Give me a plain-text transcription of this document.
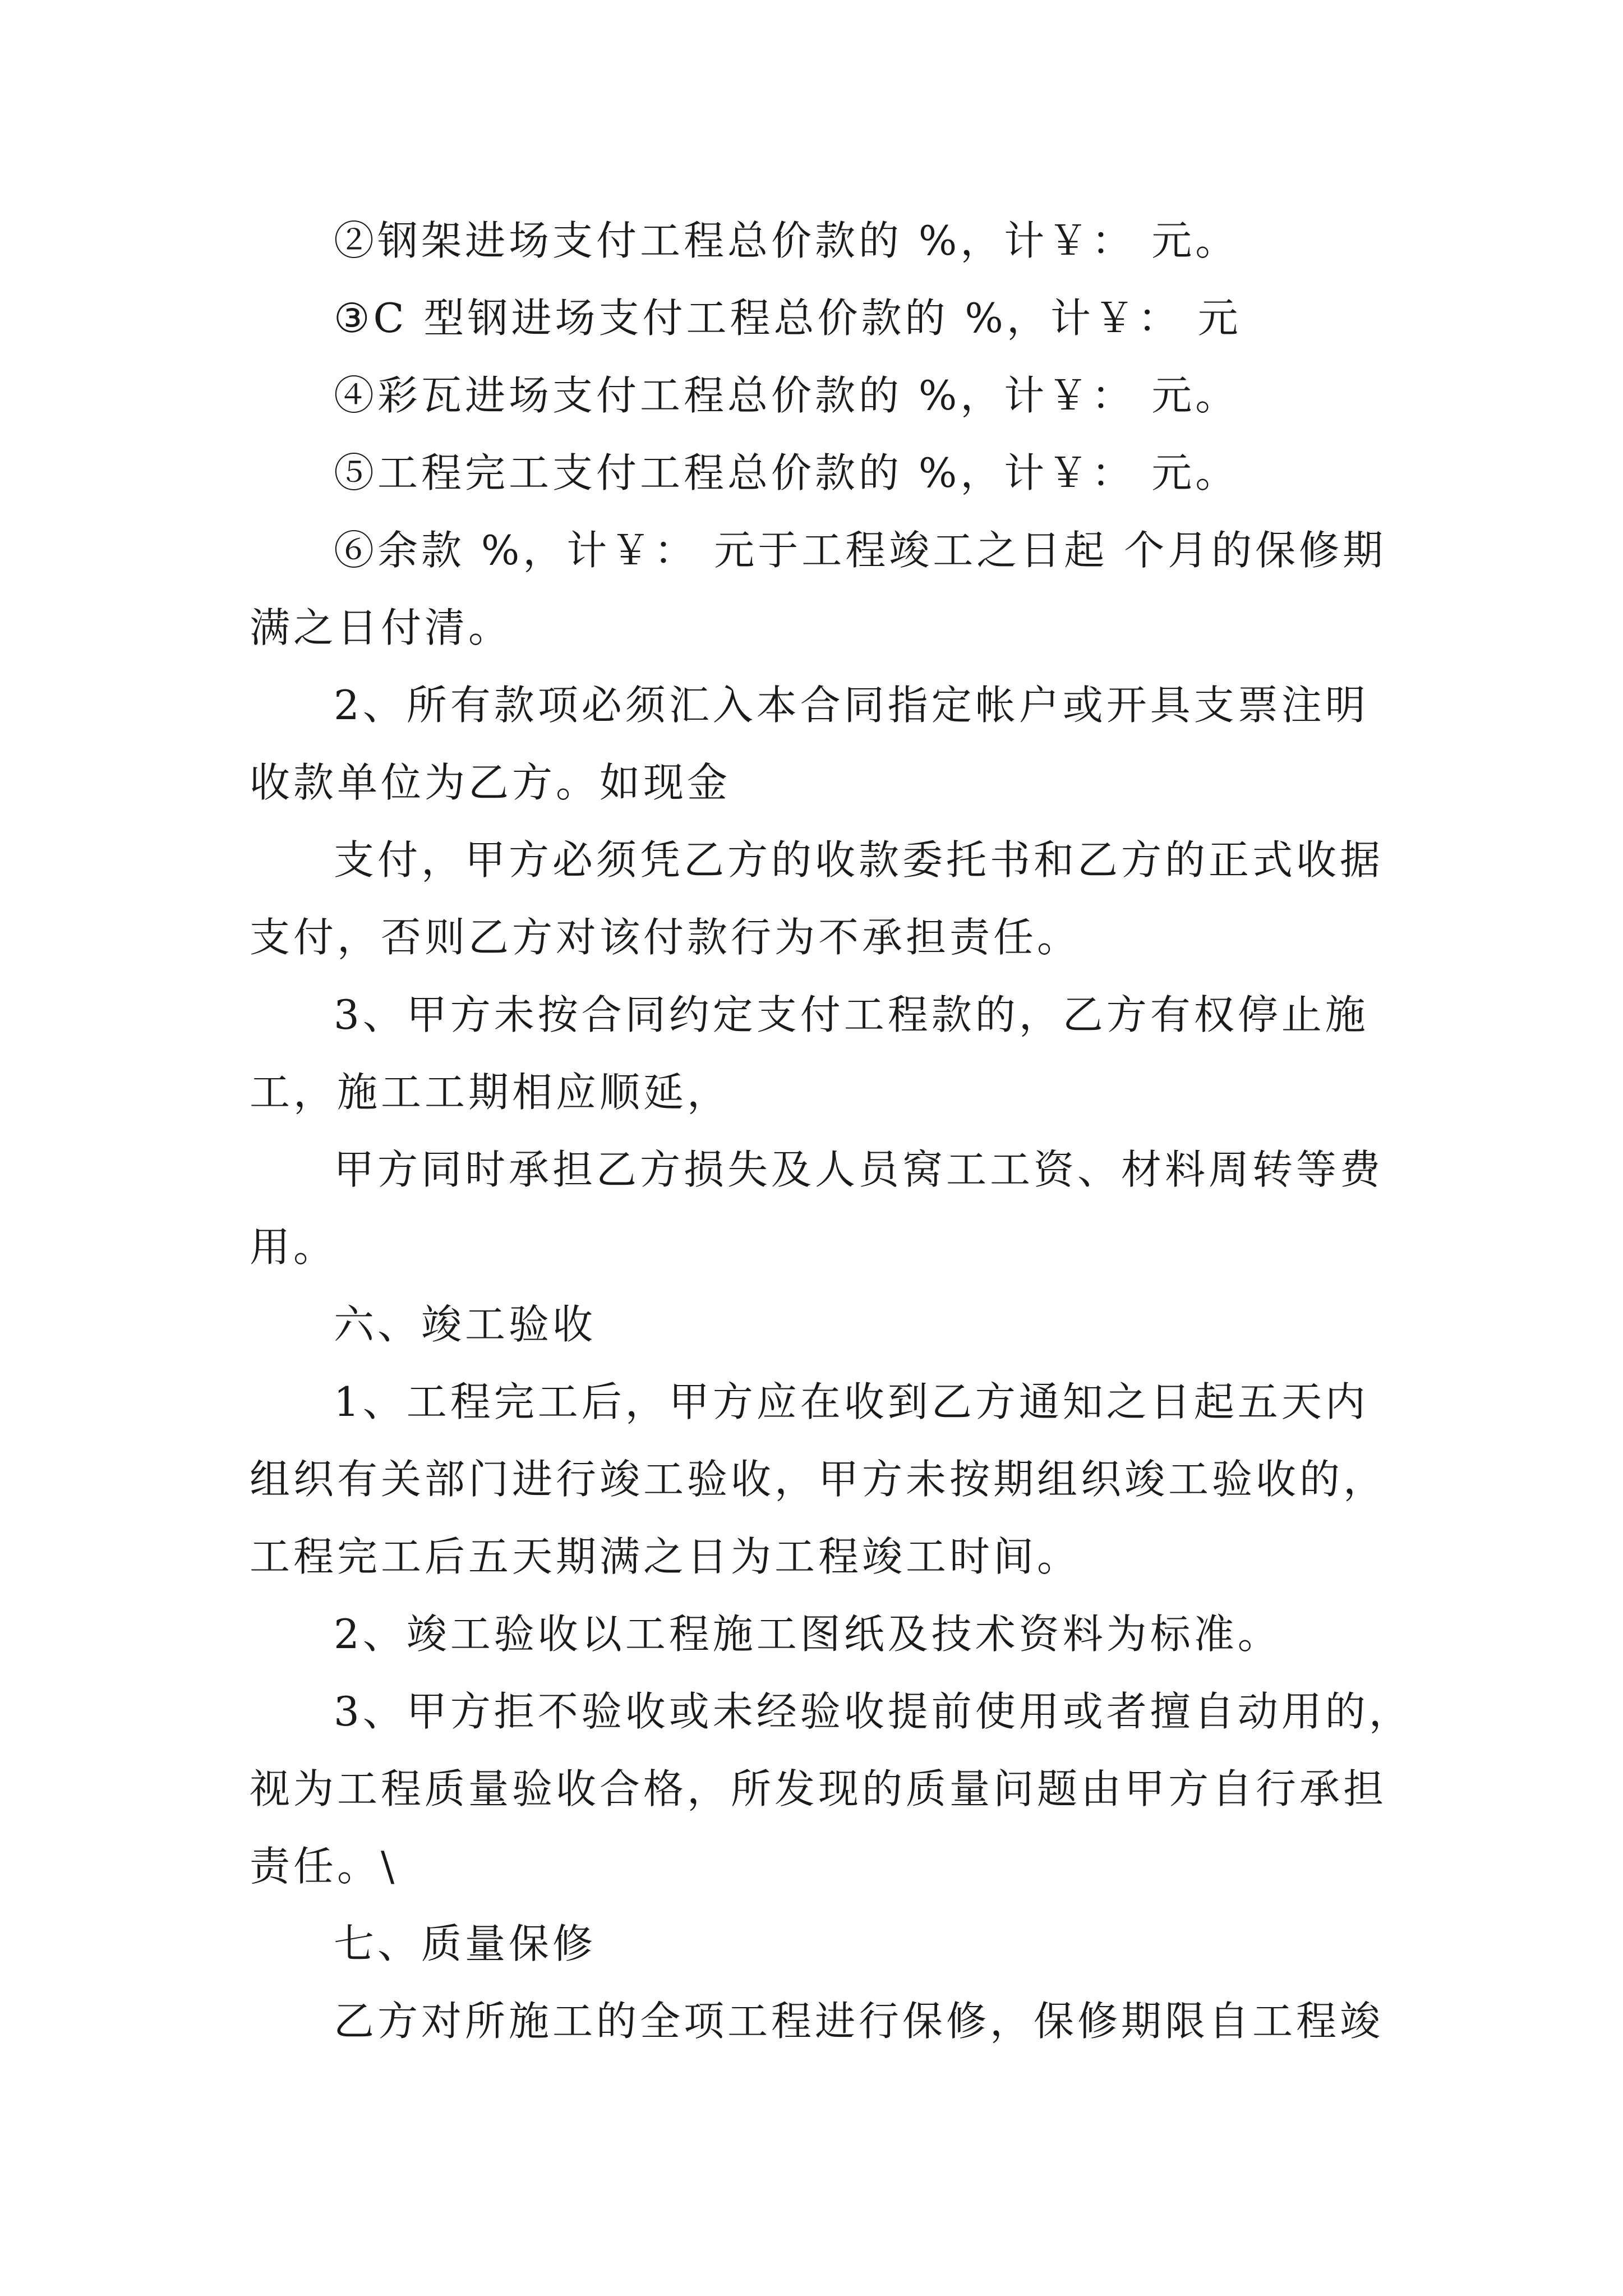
②钢架进场支付工程总价款的 %，计￥： 元。

③C 型钢进场支付工程总价款的 %，计￥： 元

④彩瓦进场支付工程总价款的 %，计￥： 元。

⑤工程完工支付工程总价款的 %，计￥： 元。

⑥余款 %，计￥： 元于工程竣工之日起 个月的保修期

满之日付清。

2、所有款项必须汇入本合同指定帐户或开具支票注明

收款单位为乙方。如现金

支付，甲方必须凭乙方的收款委托书和乙方的正式收据

支付，否则乙方对该付款行为不承担责任。

3、甲方未按合同约定支付工程款的，乙方有权停止施

工，施工工期相应顺延，

甲方同时承担乙方损失及人员窝工工资、材料周转等费

用。

六、竣工验收

1、工程完工后，甲方应在收到乙方通知之日起五天内

组织有关部门进行竣工验收，甲方未按期组织竣工验收的，

工程完工后五天期满之日为工程竣工时间。

2、竣工验收以工程施工图纸及技术资料为标准。

3、甲方拒不验收或未经验收提前使用或者擅自动用的，

视为工程质量验收合格，所发现的质量问题由甲方自行承担

责任。\

七、质量保修

乙方对所施工的全项工程进行保修，保修期限自工程竣
